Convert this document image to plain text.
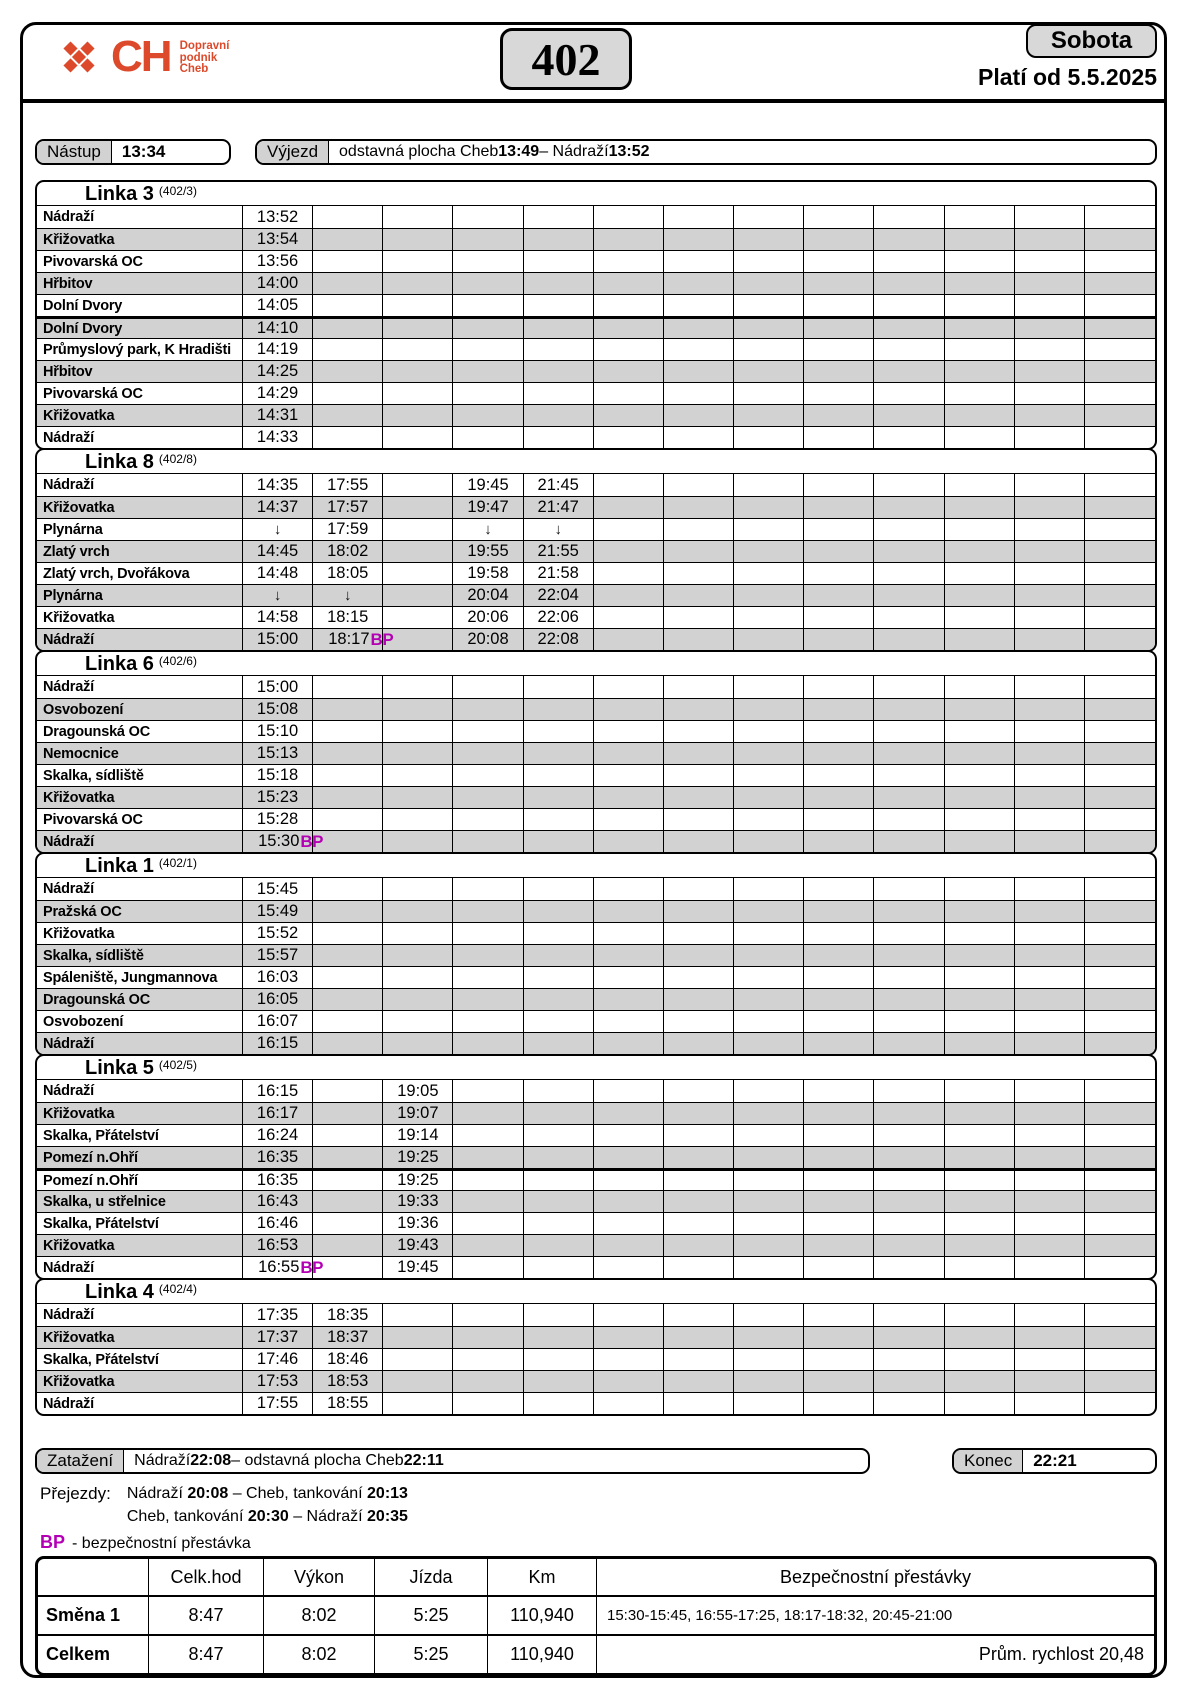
CH Dopravní
podnik
Cheb	402	Sobota
Platí od 5.5.2025
Nástup	13:34	Výjezd	odstavná plocha Cheb 13:49 – Nádraží 13:52
Linka 3 (402/3)
Nádraží	13:52
Křižovatka	13:54
Pivovarská OC	13:56
Hřbitov	14:00
Dolní Dvory	14:05
Dolní Dvory	14:10
Průmyslový park, K Hradišti	14:19
Hřbitov	14:25
Pivovarská OC	14:29
Křižovatka	14:31
Nádraží	14:33
Linka 8 (402/8)
Nádraží	14:35 17:55	19:45 21:45
Křižovatka	14:37 17:57	19:47 21:47
Plynárna	↓	17:59	↓	↓
Zlatý vrch	14:45 18:02	19:55 21:55
Zlatý vrch, Dvořákova	14:48 18:05	19:58 21:58
Plynárna	↓	↓	20:04 22:04
Křižovatka	14:58 18:15	20:06 22:06
Nádraží	15:00 18:17 BP	20:08 22:08
Linka 6 (402/6)
Nádraží	15:00
Osvobození	15:08
Dragounská OC	15:10
Nemocnice	15:13
Skalka, sídliště	15:18
Křižovatka	15:23
Pivovarská OC	15:28
Nádraží	15:30 BP
Linka 1 (402/1)
Nádraží	15:45
Pražská OC	15:49
Křižovatka	15:52
Skalka, sídliště	15:57
Spáleniště, Jungmannova	16:03
Dragounská OC	16:05
Osvobození	16:07
Nádraží	16:15
Linka 5 (402/5)
Nádraží	16:15	19:05
Křižovatka	16:17	19:07
Skalka, Přátelství	16:24	19:14
Pomezí n.Ohří	16:35	19:25
Pomezí n.Ohří	16:35	19:25
Skalka, u střelnice	16:43	19:33
Skalka, Přátelství	16:46	19:36
Křižovatka	16:53	19:43
Nádraží	16:55 BP	19:45
Linka 4 (402/4)
Nádraží	17:35 18:35
Křižovatka	17:37 18:37
Skalka, Přátelství	17:46 18:46
Křižovatka	17:53 18:53
Nádraží	17:55 18:55
Zatažení	Nádraží 22:08 – odstavná plocha Cheb 22:11	Konec	22:21
Přejezdy: Nádraží 20:08 – Cheb, tankování 20:13
Cheb, tankování 20:30 – Nádraží 20:35
BP - bezpečnostní přestávka
Celk.hod	Výkon	Jízda	Km	Bezpečnostní přestávky
Směna 1	8:47	8:02	5:25	110,940	15:30-15:45, 16:55-17:25, 18:17-18:32, 20:45-21:00
Celkem	8:47	8:02	5:25	110,940	Prům. rychlost 20,48
